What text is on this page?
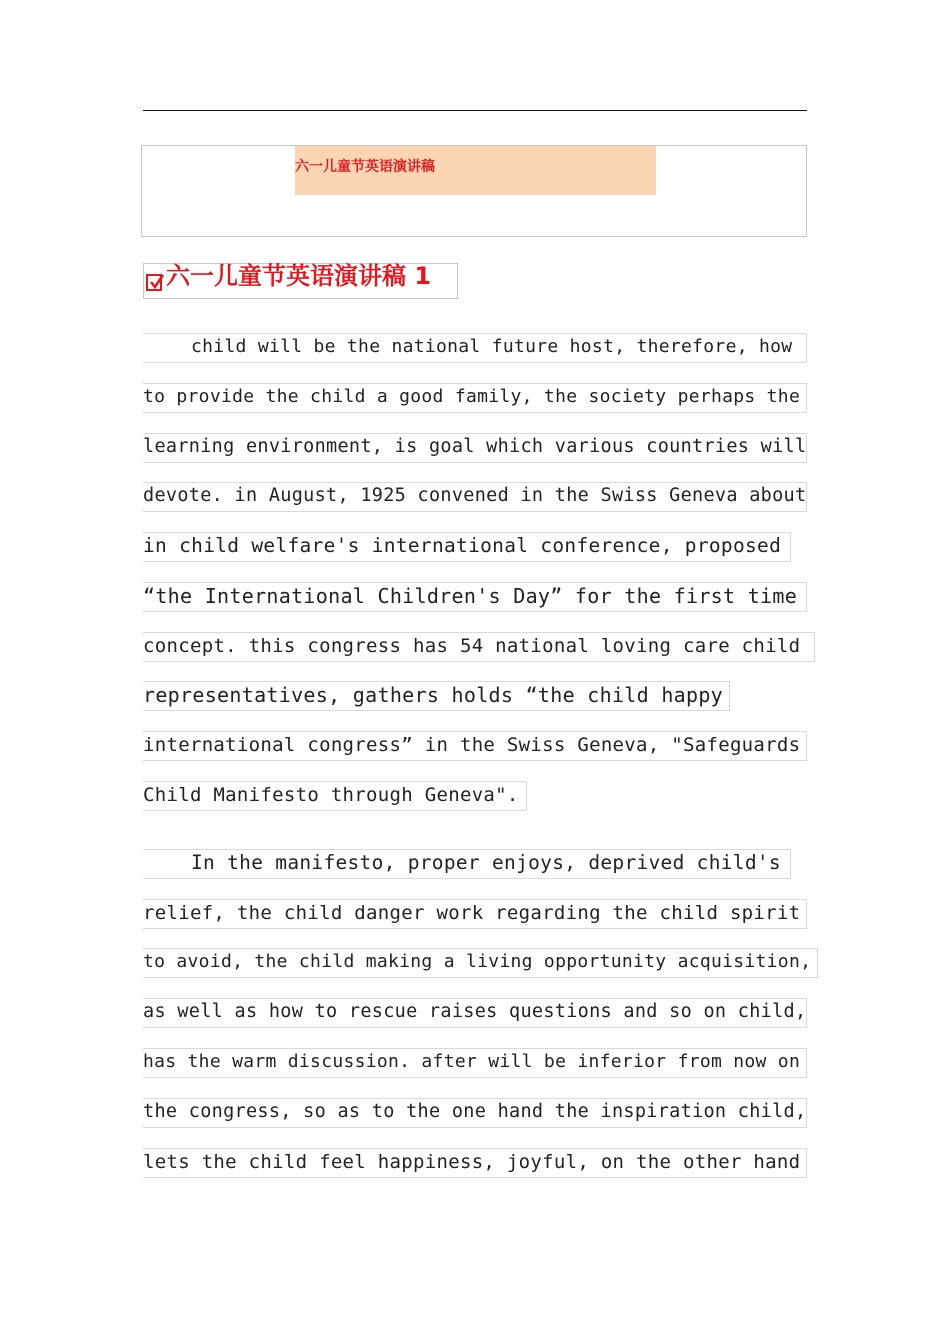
六一儿童节英语演讲稿
六一儿童节英语演讲稿 1
child will be the national future host, therefore, how
to provide the child a good family, the society perhaps the
learning environment, is goal which various countries will
devote. in August, 1925 convened in the Swiss Geneva about
in child welfare's international conference, proposed
“the International Children's Day” for the first time
concept. this congress has 54 national loving care child
representatives, gathers holds “the child happy
international congress” in the Swiss Geneva, "Safeguards
Child Manifesto through Geneva".
In the manifesto, proper enjoys, deprived child's
relief, the child danger work regarding the child spirit
to avoid, the child making a living opportunity acquisition,
as well as how to rescue raises questions and so on child,
has the warm discussion. after will be inferior from now on
the congress, so as to the one hand the inspiration child,
lets the child feel happiness, joyful, on the other hand
